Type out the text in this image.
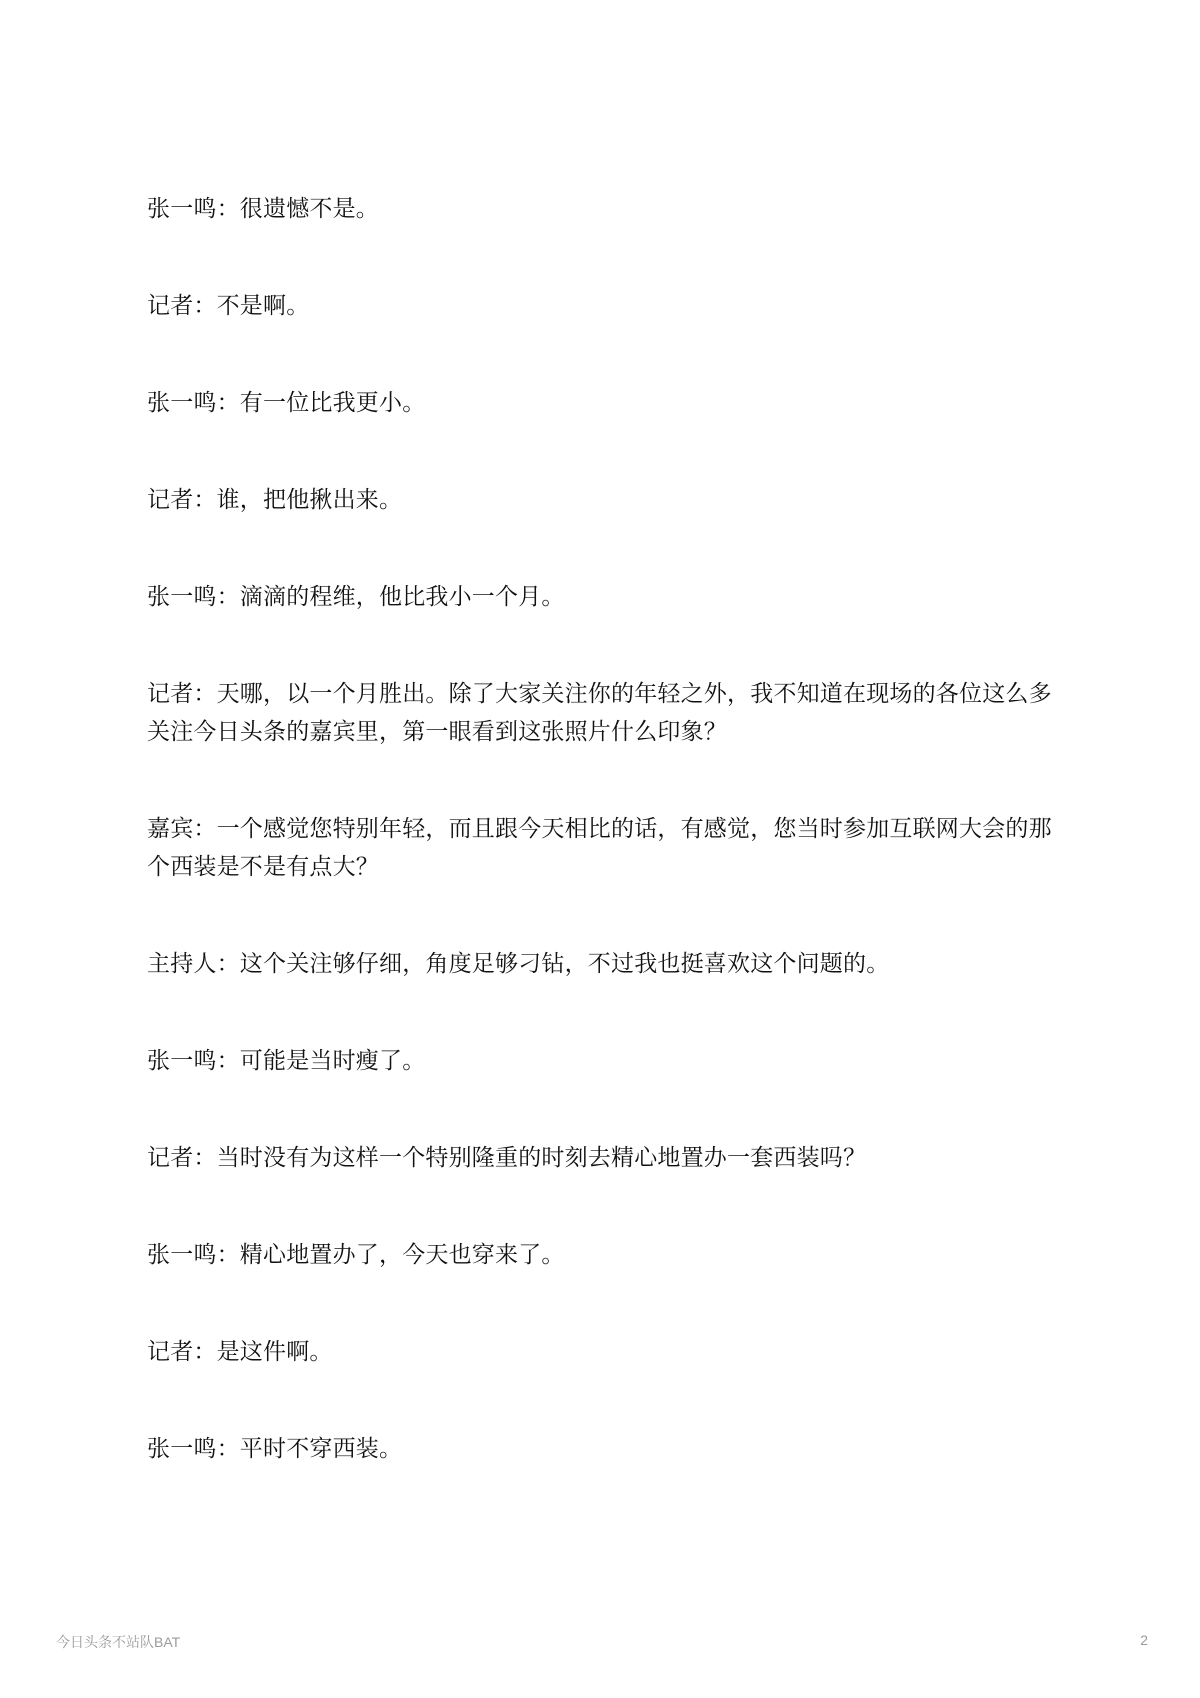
张一鸣：很遗憾不是。

记者：不是啊。

张一鸣：有一位比我更小。

记者：谁，把他揪出来。

张一鸣：滴滴的程维，他比我小一个月。

记者：天哪，以一个月胜出。除了大家关注你的年轻之外，我不知道在现场的各位这么多关注今日头条的嘉宾里，第一眼看到这张照片什么印象？

嘉宾：一个感觉您特别年轻，而且跟今天相比的话，有感觉，您当时参加互联网大会的那个西装是不是有点大？

主持人：这个关注够仔细，角度足够刁钻，不过我也挺喜欢这个问题的。

张一鸣：可能是当时瘦了。

记者：当时没有为这样一个特别隆重的时刻去精心地置办一套西装吗？

张一鸣：精心地置办了，今天也穿来了。

记者：是这件啊。

张一鸣：平时不穿西装。

今日头条不站队BAT	2
